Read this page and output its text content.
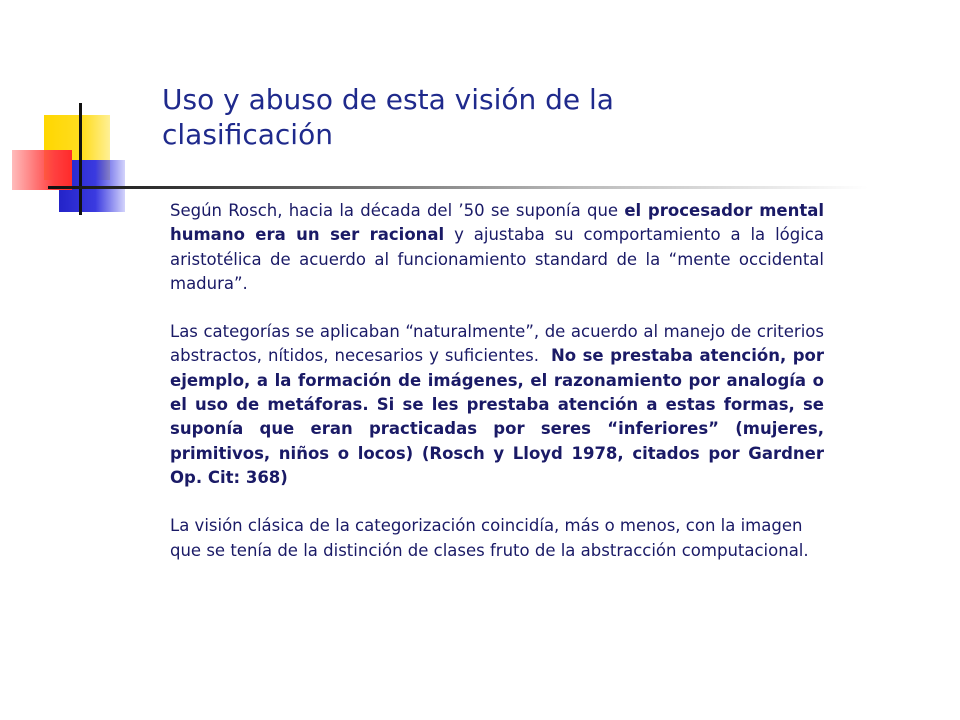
Uso y abuso de esta visión de la clasificación

Según Rosch, hacia la década del ’50 se suponía que el procesador mental humano era un ser racional y ajustaba su comportamiento a la lógica aristotélica de acuerdo al funcionamiento standard de la “mente occidental madura”.

Las categorías se aplicaban “naturalmente”, de acuerdo al manejo de criterios abstractos, nítidos, necesarios y suficientes.  No se prestaba atención, por ejemplo, a la formación de imágenes, el razonamiento por analogía o el uso de metáforas. Si se les prestaba atención a estas formas, se suponía que eran practicadas por seres “inferiores” (mujeres, primitivos, niños o locos) (Rosch y Lloyd 1978, citados por Gardner Op. Cit: 368)

La visión clásica de la categorización coincidía, más o menos, con la imagen que se tenía de la distinción de clases fruto de la abstracción computacional.
